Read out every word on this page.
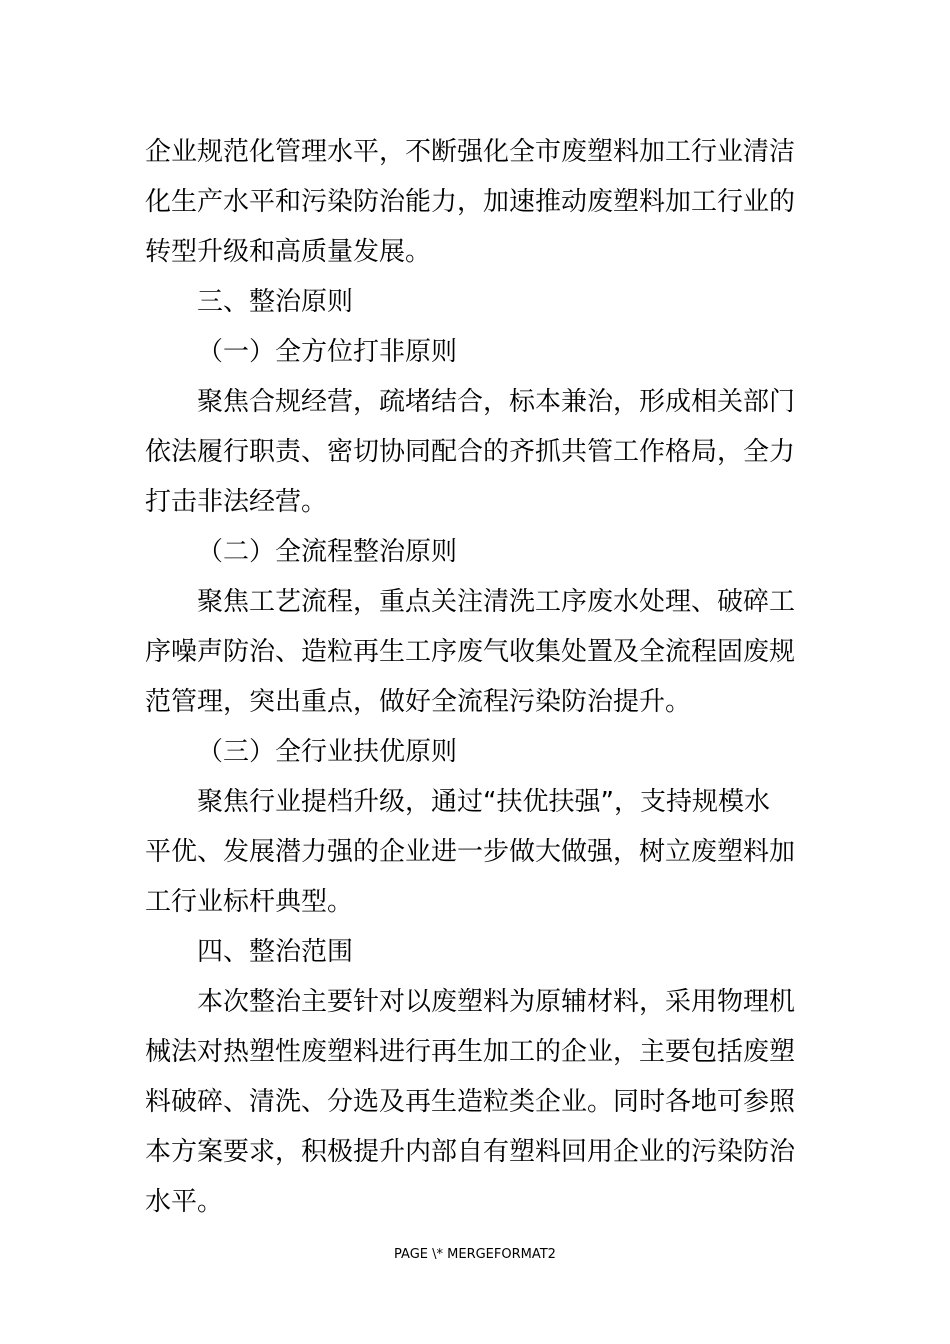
企业规范化管理水平，不断强化全市废塑料加工行业清洁
化生产水平和污染防治能力，加速推动废塑料加工行业的
转型升级和高质量发展。
三、整治原则
（一）全方位打非原则
聚焦合规经营，疏堵结合，标本兼治，形成相关部门
依法履行职责、密切协同配合的齐抓共管工作格局，全力
打击非法经营。
（二）全流程整治原则
聚焦工艺流程，重点关注清洗工序废水处理、破碎工
序噪声防治、造粒再生工序废气收集处置及全流程固废规
范管理，突出重点，做好全流程污染防治提升。
（三）全行业扶优原则
聚焦行业提档升级，通过“扶优扶强”，支持规模水
平优、发展潜力强的企业进一步做大做强，树立废塑料加
工行业标杆典型。
四、整治范围
本次整治主要针对以废塑料为原辅材料，采用物理机
械法对热塑性废塑料进行再生加工的企业，主要包括废塑
料破碎、清洗、分选及再生造粒类企业。同时各地可参照
本方案要求，积极提升内部自有塑料回用企业的污染防治
水平。
PAGE \* MERGEFORMAT2
